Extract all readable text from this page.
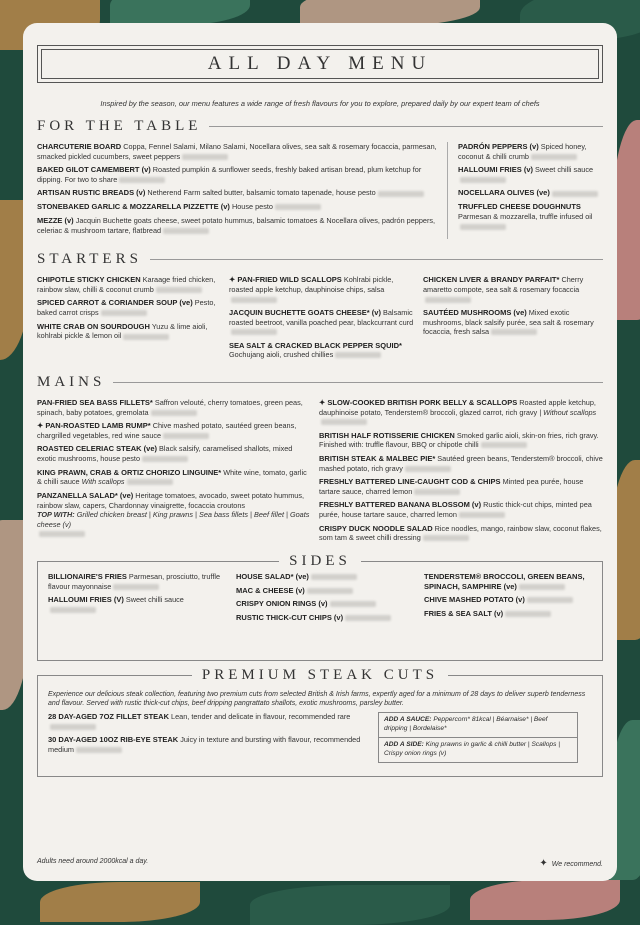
ALL DAY MENU
Inspired by the season, our menu features a wide range of fresh flavours for you to explore, prepared daily by our expert team of chefs
FOR THE TABLE
CHARCUTERIE BOARD Coppa, Fennel Salami, Milano Salami, Nocellara olives, sea salt & rosemary focaccia, parmesan, smacked pickled cucumbers, sweet peppers
BAKED GILOT CAMEMBERT (v) Roasted pumpkin & sunflower seeds, freshly baked artisan bread, plum ketchup for dipping. For two to share
ARTISAN RUSTIC BREADS (v) Netherend Farm salted butter, balsamic tomato tapenade, house pesto
STONEBAKED GARLIC & MOZZARELLA PIZZETTE (v) House pesto
MEZZE (v) Jacquin Buchette goats cheese, sweet potato hummus, balsamic tomatoes & Nocellara olives, padrón peppers, celeriac & mushroom tartare, flatbread
PADRÓN PEPPERS (v) Spiced honey, coconut & chilli crumb
HALLOUMI FRIES (v) Sweet chilli sauce
NOCELLARA OLIVES (ve)
TRUFFLED CHEESE DOUGHNUTS Parmesan & mozzarella, truffle infused oil
STARTERS
CHIPOTLE STICKY CHICKEN Karaage fried chicken, rainbow slaw, chilli & coconut crumb
SPICED CARROT & CORIANDER SOUP (ve) Pesto, baked carrot crisps
WHITE CRAB ON SOURDOUGH Yuzu & lime aioli, kohlrabi pickle & lemon oil
✦ PAN-FRIED WILD SCALLOPS Kohlrabi pickle, roasted apple ketchup, dauphinoise chips, salsa
JACQUIN BUCHETTE GOATS CHEESE* (v) Balsamic roasted beetroot, vanilla poached pear, blackcurrant curd
SEA SALT & CRACKED BLACK PEPPER SQUID* Gochujang aioli, crushed chillies
CHICKEN LIVER & BRANDY PARFAIT* Cherry amaretto compote, sea salt & rosemary focaccia
SAUTÉED MUSHROOMS (ve) Mixed exotic mushrooms, black salsify purée, sea salt & rosemary focaccia, fresh salsa
MAINS
PAN-FRIED SEA BASS FILLETS* Saffron velouté, cherry tomatoes, green peas, spinach, baby potatoes, gremolata
✦ PAN-ROASTED LAMB RUMP* Chive mashed potato, sautéed green beans, chargrilled vegetables, red wine sauce
ROASTED CELERIAC STEAK (ve) Black salsify, caramelised shallots, mixed exotic mushrooms, house pesto
KING PRAWN, CRAB & ORTIZ CHORIZO LINGUINE* White wine, tomato, garlic & chilli sauce With scallops
PANZANELLA SALAD* (ve) Heritage tomatoes, avocado, sweet potato hummus, rainbow slaw, capers, Chardonnay vinaigrette, focaccia croutons
TOP WITH: Grilled chicken breast | King prawns | Sea bass fillets | Beef fillet | Goats cheese (v)
✦ SLOW-COOKED BRITISH PORK BELLY & SCALLOPS Roasted apple ketchup, dauphinoise potato, Tenderstem® broccoli, glazed carrot, rich gravy | Without scallops
BRITISH HALF ROTISSERIE CHICKEN Smoked garlic aioli, skin-on fries, rich gravy. Finished with: truffle flavour, BBQ or chipotle chilli
BRITISH STEAK & MALBEC PIE* Sautéed green beans, Tenderstem® broccoli, chive mashed potato, rich gravy
FRESHLY BATTERED LINE-CAUGHT COD & CHIPS Minted pea purée, house tartare sauce, charred lemon
FRESHLY BATTERED BANANA BLOSSOM (v) Rustic thick-cut chips, minted pea purée, house tartare sauce, charred lemon
CRISPY DUCK NOODLE SALAD Rice noodles, mango, rainbow slaw, coconut flakes, som tam & sweet chilli dressing
SIDES
BILLIONAIRE'S FRIES Parmesan, prosciutto, truffle flavour mayonnaise
HALLOUMI FRIES (V) Sweet chilli sauce
HOUSE SALAD* (ve)
MAC & CHEESE (v)
CRISPY ONION RINGS (v)
RUSTIC THICK-CUT CHIPS (v)
TENDERSTEM® BROCCOLI, GREEN BEANS, SPINACH, SAMPHIRE (ve)
CHIVE MASHED POTATO (v)
FRIES & SEA SALT (v)
PREMIUM STEAK CUTS
Experience our delicious steak collection, featuring two premium cuts from selected British & Irish farms, expertly aged for a minimum of 28 days to deliver superb tenderness and flavour. Served with rustic thick-cut chips, beef dripping pangrattato shallots, exotic mushrooms, parsley butter.
28 DAY-AGED 7OZ FILLET STEAK Lean, tender and delicate in flavour, recommended rare
30 DAY-AGED 10OZ RIB-EYE STEAK Juicy in texture and bursting with flavour, recommended medium
ADD A SAUCE: Peppercorn* 81kcal | Béarnaise* | Beef dripping | Bordelaise*
ADD A SIDE: King prawns in garlic & chilli butter | Scallops | Crispy onion rings (v)
Adults need around 2000kcal a day.	✦ We recommend.
